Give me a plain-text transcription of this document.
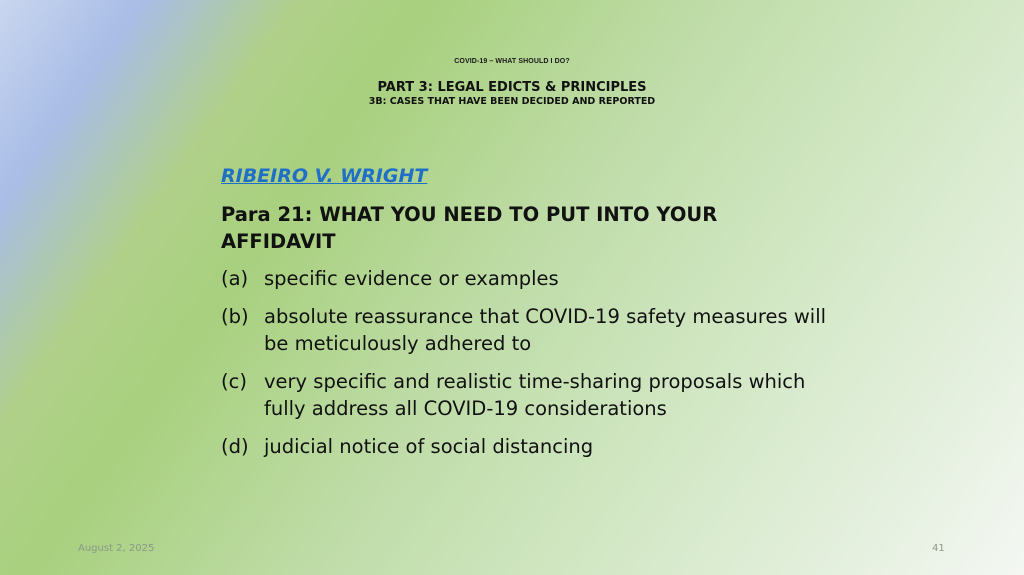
COVID-19 – WHAT SHOULD I DO?
PART 3: LEGAL EDICTS & PRINCIPLES
3B: CASES THAT HAVE BEEN DECIDED AND REPORTED
RIBEIRO V. WRIGHT
Para 21: WHAT YOU NEED TO PUT INTO YOUR AFFIDAVIT
(a) specific evidence or examples
(b) absolute reassurance that COVID-19 safety measures will be meticulously adhered to
(c) very specific and realistic time-sharing proposals which fully address all COVID-19 considerations
(d) judicial notice of social distancing
August 2, 2025	41
